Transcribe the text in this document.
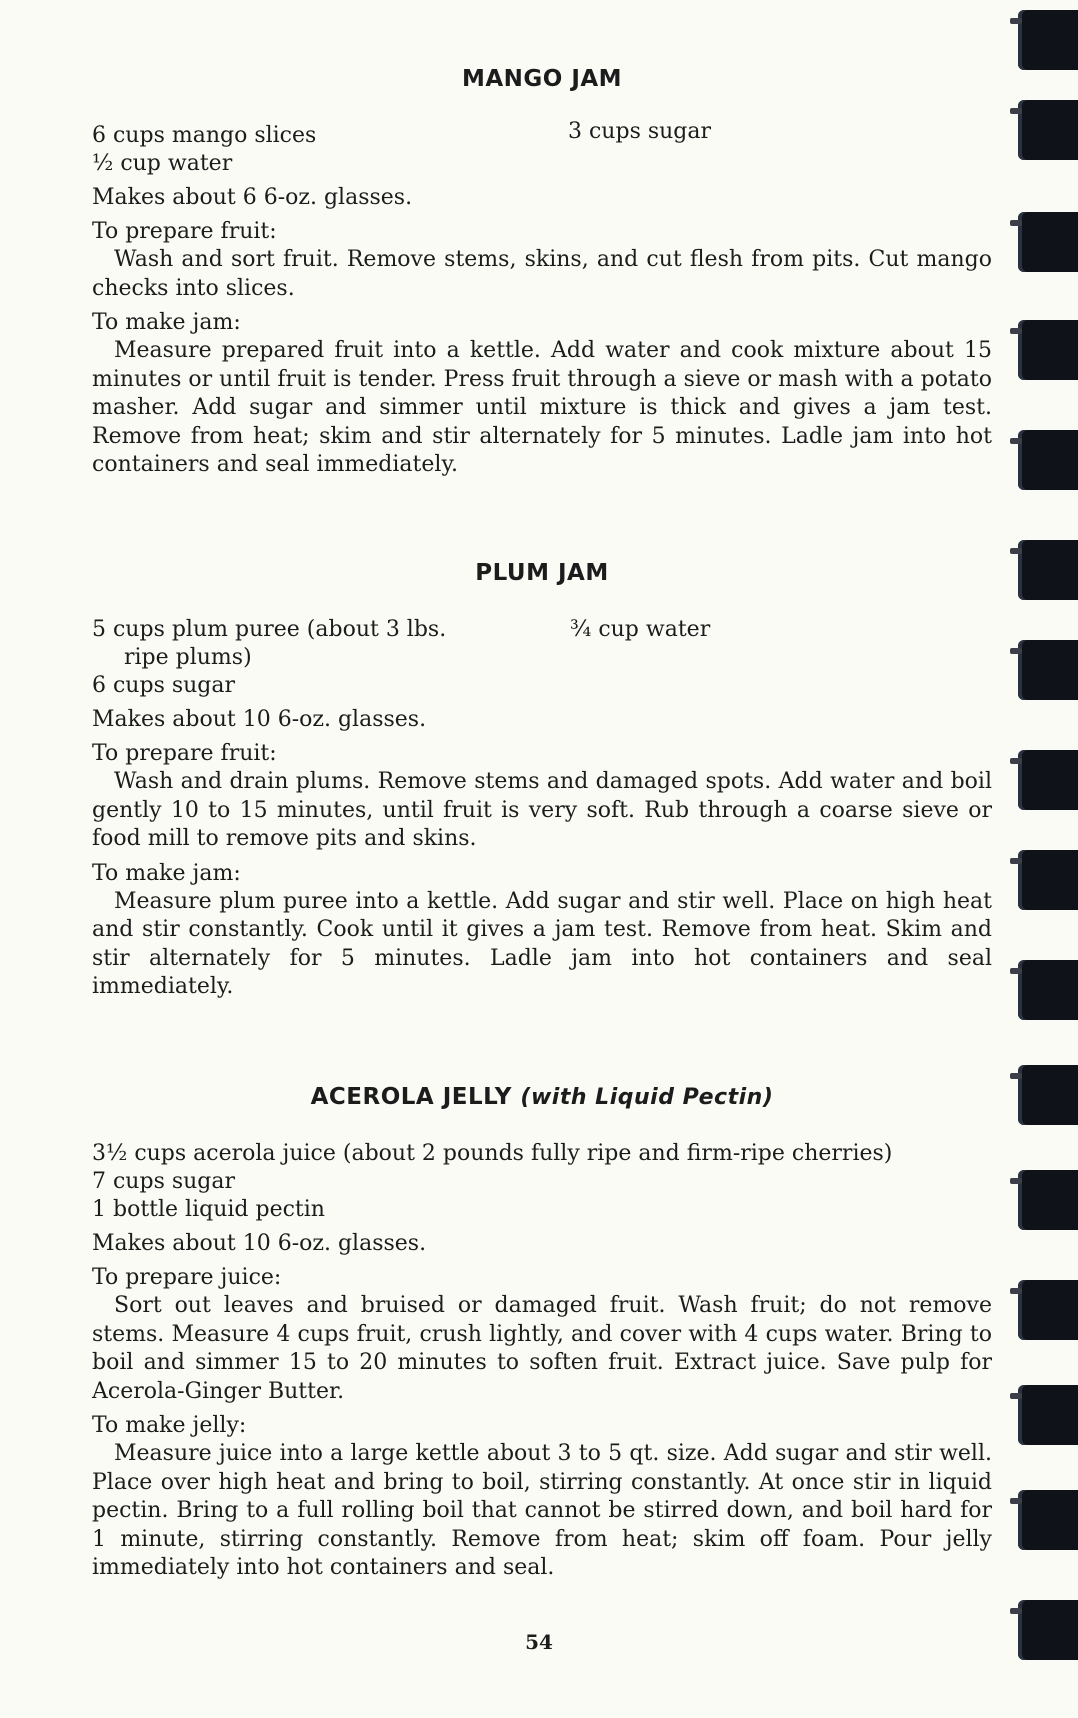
MANGO JAM

6 cups mango slices

½ cup water

3 cups sugar

Makes about 6 6-oz. glasses.

To prepare fruit:

Wash and sort fruit. Remove stems, skins, and cut flesh from pits. Cut mango checks into slices.

To make jam:

Measure prepared fruit into a kettle. Add water and cook mixture about 15 minutes or until fruit is tender. Press fruit through a sieve or mash with a potato masher. Add sugar and simmer until mixture is thick and gives a jam test. Remove from heat; skim and stir alternately for 5 minutes. Ladle jam into hot containers and seal immediately.

PLUM JAM

5 cups plum puree (about 3 lbs.

ripe plums)

6 cups sugar

¾ cup water

Makes about 10 6-oz. glasses.

To prepare fruit:

Wash and drain plums. Remove stems and damaged spots. Add water and boil gently 10 to 15 minutes, until fruit is very soft. Rub through a coarse sieve or food mill to remove pits and skins.

To make jam:

Measure plum puree into a kettle. Add sugar and stir well. Place on high heat and stir constantly. Cook until it gives a jam test. Remove from heat. Skim and stir alternately for 5 minutes. Ladle jam into hot containers and seal immediately.

ACEROLA JELLY (with Liquid Pectin)

3½ cups acerola juice (about 2 pounds fully ripe and firm-ripe cherries)

7 cups sugar

1 bottle liquid pectin

Makes about 10 6-oz. glasses.

To prepare juice:

Sort out leaves and bruised or damaged fruit. Wash fruit; do not remove stems. Measure 4 cups fruit, crush lightly, and cover with 4 cups water. Bring to boil and simmer 15 to 20 minutes to soften fruit. Extract juice. Save pulp for Acerola-Ginger Butter.

To make jelly:

Measure juice into a large kettle about 3 to 5 qt. size. Add sugar and stir well. Place over high heat and bring to boil, stirring constantly. At once stir in liquid pectin. Bring to a full rolling boil that cannot be stirred down, and boil hard for 1 minute, stirring constantly. Remove from heat; skim off foam. Pour jelly immediately into hot containers and seal.

54
